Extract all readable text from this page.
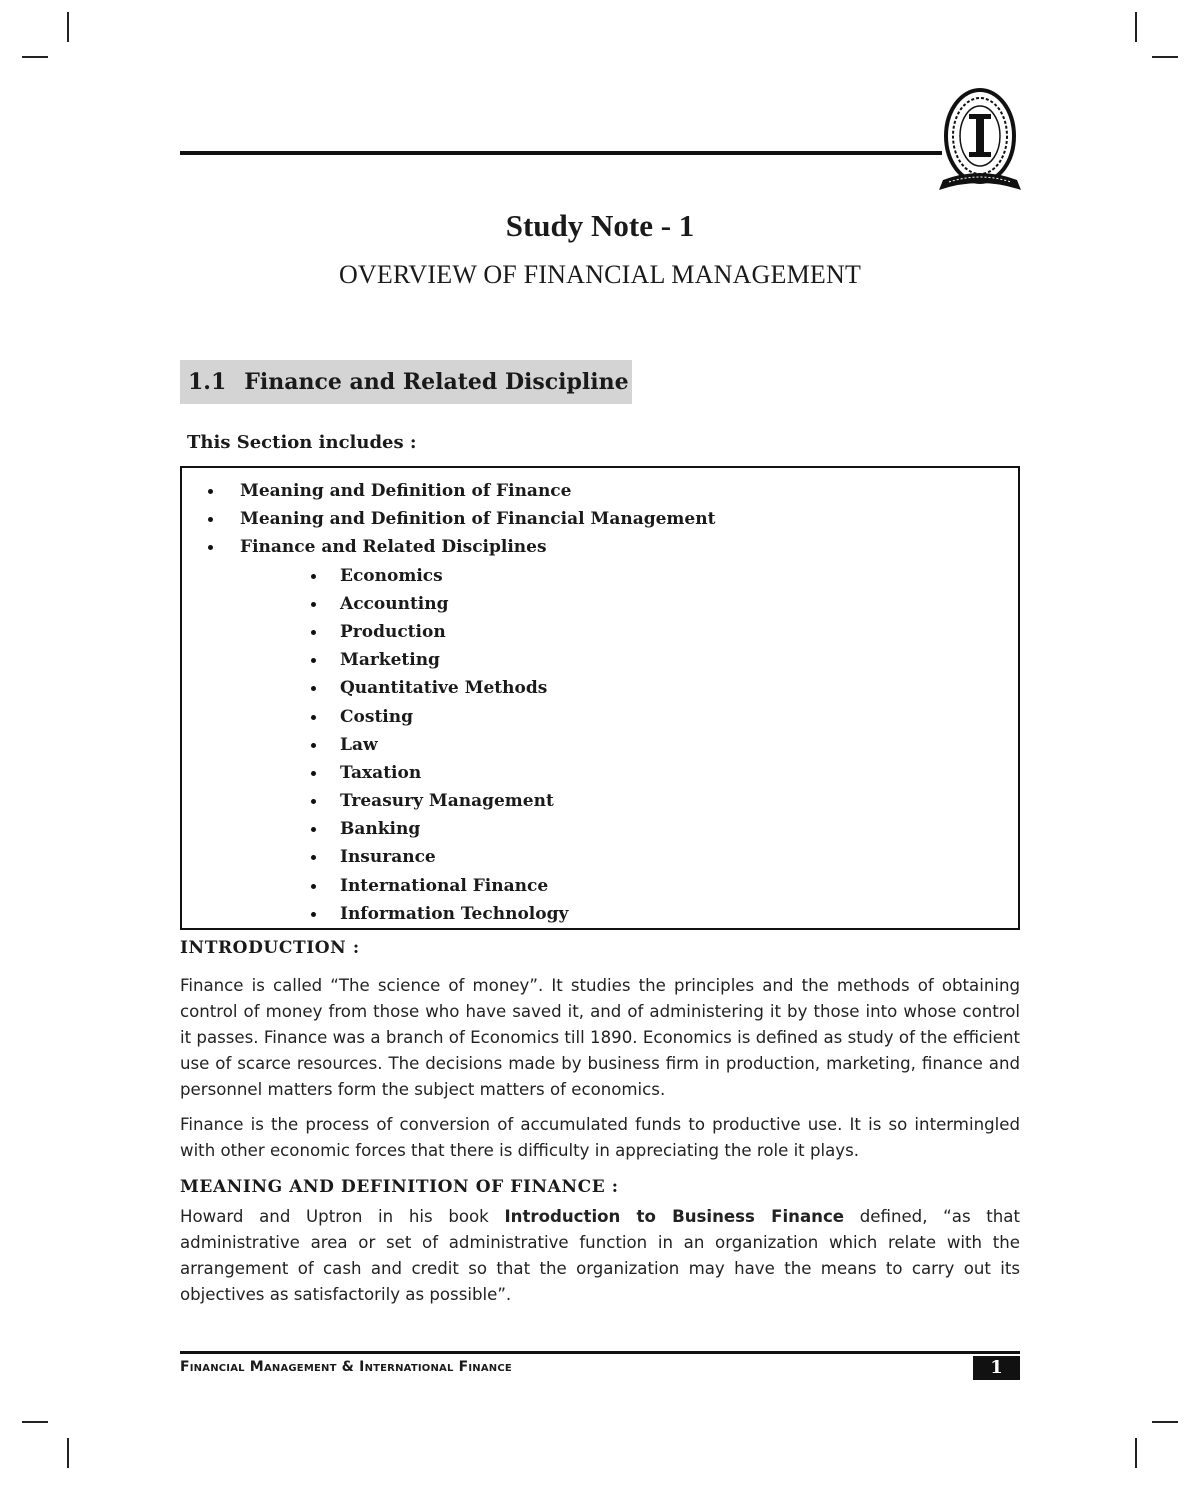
Study Note - 1
OVERVIEW OF FINANCIAL MANAGEMENT
1.1 Finance and Related Discipline
This Section includes :
Meaning and Definition of Finance
Meaning and Definition of Financial Management
Finance and Related Disciplines
Economics
Accounting
Production
Marketing
Quantitative Methods
Costing
Law
Taxation
Treasury Management
Banking
Insurance
International Finance
Information Technology
INTRODUCTION :

Finance is called “The science of money”. It studies the principles and the methods of obtaining control of money from those who have saved it, and of administering it by those into whose control it passes. Finance was a branch of Economics till 1890. Economics is defined as study of the efficient use of scarce resources. The decisions made by business firm in production, marketing, finance and personnel matters form the subject matters of economics.

Finance is the process of conversion of accumulated funds to productive use. It is so intermingled with other economic forces that there is difficulty in appreciating the role it plays.

MEANING AND DEFINITION OF FINANCE :

Howard and Uptron in his book Introduction to Business Finance defined, “as that administrative area or set of administrative function in an organization which relate with the arrangement of cash and credit so that the organization may have the means to carry out its objectives as satisfactorily as possible”.

Financial Management & International Finance	1
